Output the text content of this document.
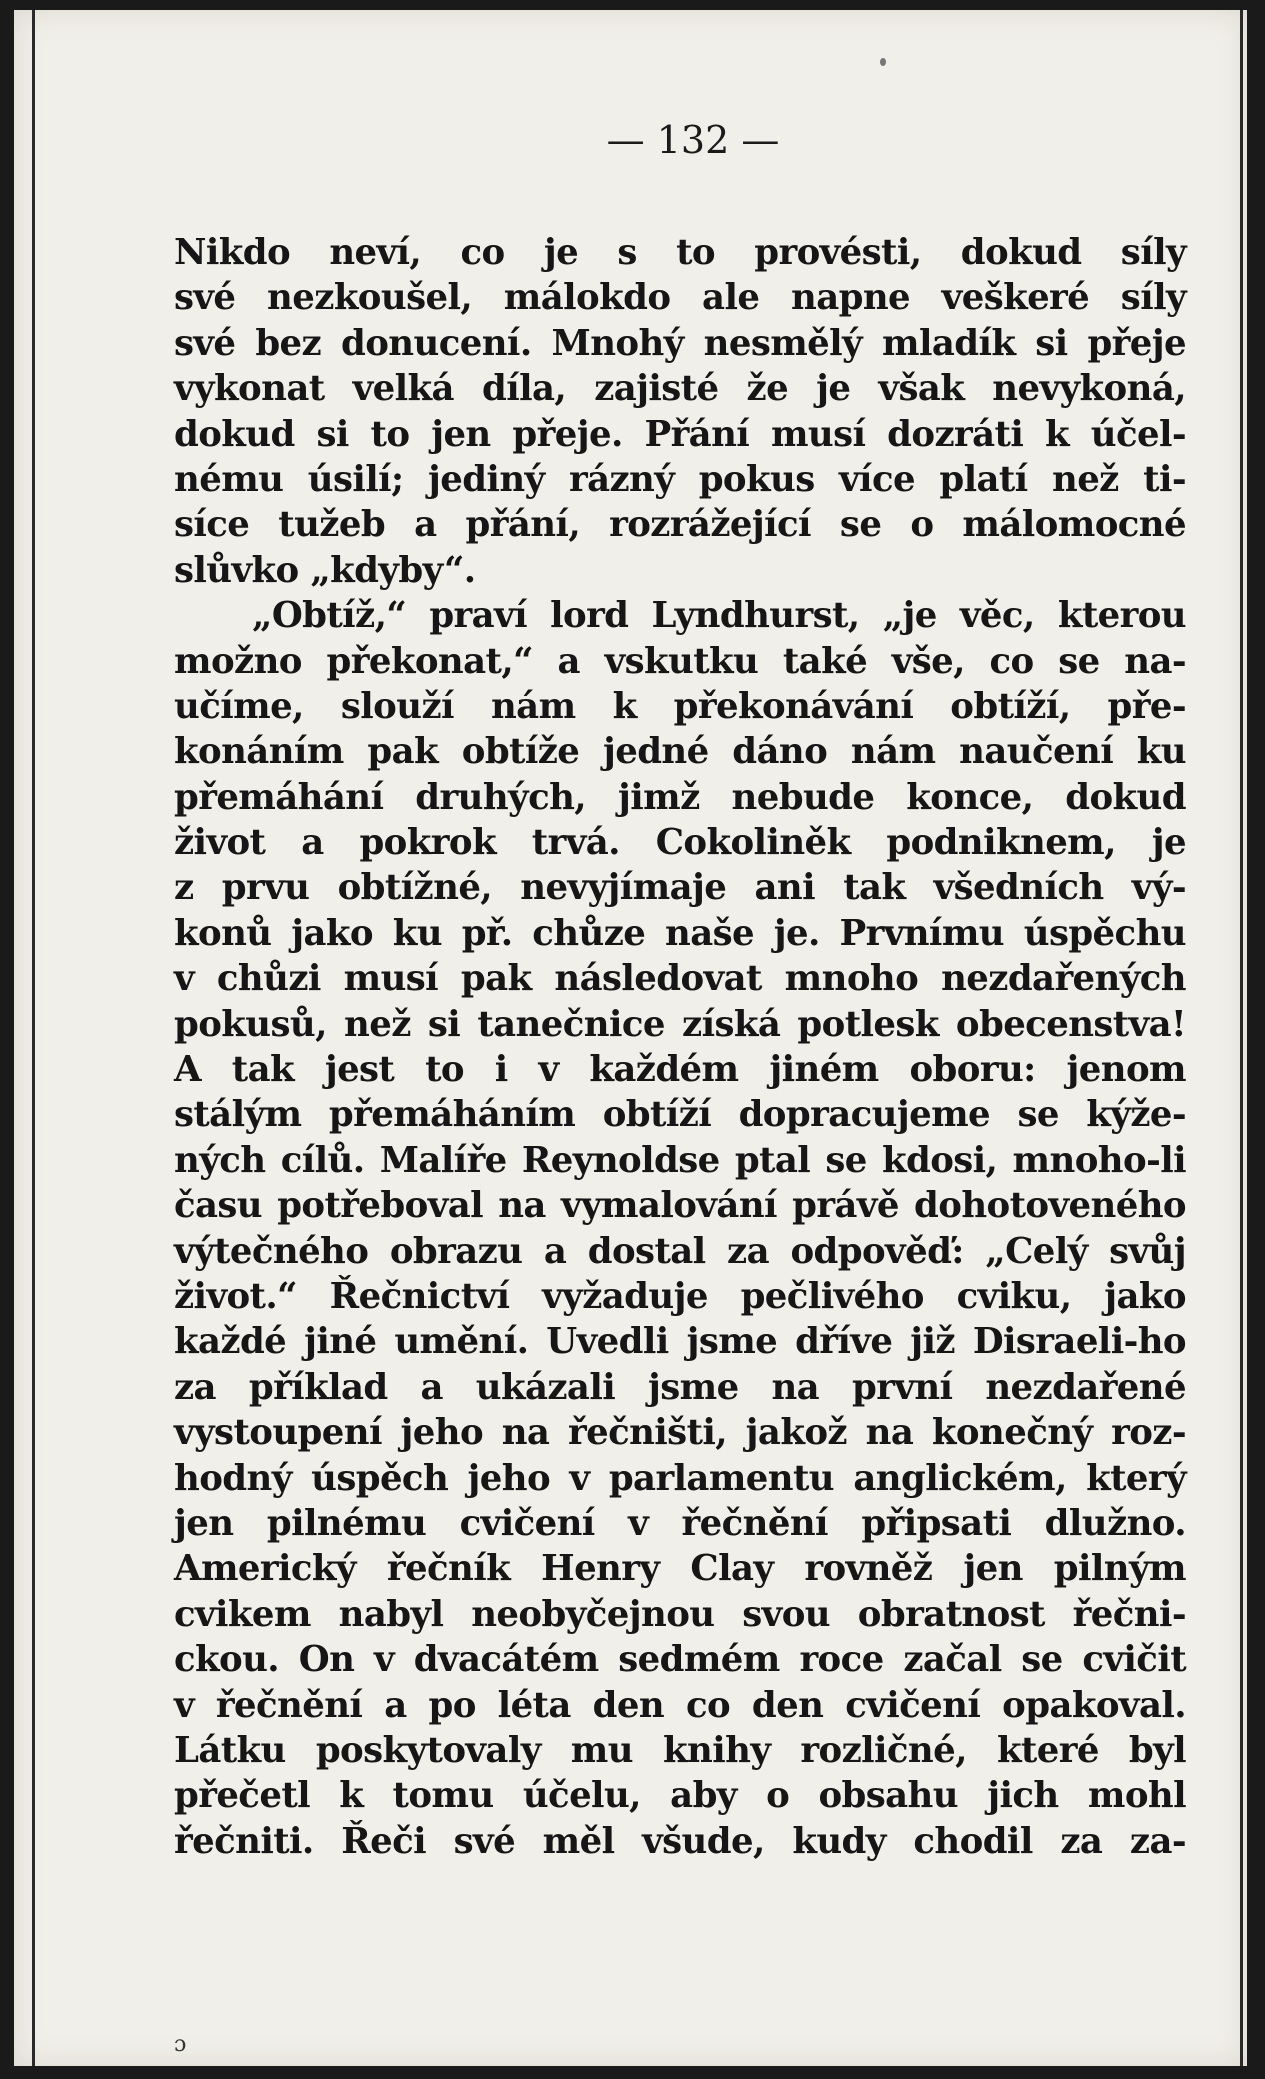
— 132 —
Nikdo neví, co je s to provésti, dokud síly
své nezkoušel, málokdo ale napne veškeré síly
své bez donucení. Mnohý nesmělý mladík si přeje
vykonat velká díla, zajisté že je však nevykoná,
dokud si to jen přeje. Přání musí dozráti k účel-
nému úsilí; jediný rázný pokus více platí než ti-
síce tužeb a přání, rozrážející se o málomocné
slůvko „kdyby“.
„Obtíž,“ praví lord Lyndhurst, „je věc, kterou
možno překonat,“ a vskutku také vše, co se na-
učíme, slouží nám k překonávání obtíží, pře-
konáním pak obtíže jedné dáno nám naučení ku
přemáhání druhých, jimž nebude konce, dokud
život a pokrok trvá. Cokoliněk podniknem, je
z prvu obtížné, nevyjímaje ani tak všedních vý-
konů jako ku př. chůze naše je. Prvnímu úspěchu
v chůzi musí pak následovat mnoho nezdařených
pokusů, než si tanečnice získá potlesk obecenstva!
A tak jest to i v každém jiném oboru: jenom
stálým přemáháním obtíží dopracujeme se kýže-
ných cílů. Malíře Reynoldse ptal se kdosi, mnoho-li
času potřeboval na vymalování právě dohotoveného
výtečného obrazu a dostal za odpověď: „Celý svůj
život.“ Řečnictví vyžaduje pečlivého cviku, jako
každé jiné umění. Uvedli jsme dříve již Disraeli-ho
za příklad a ukázali jsme na první nezdařené
vystoupení jeho na řečništi, jakož na konečný roz-
hodný úspěch jeho v parlamentu anglickém, který
jen pilnému cvičení v řečnění připsati dlužno.
Americký řečník Henry Clay rovněž jen pilným
cvikem nabyl neobyčejnou svou obratnost řečni-
ckou. On v dvacátém sedmém roce začal se cvičit
v řečnění a po léta den co den cvičení opakoval.
Látku poskytovaly mu knihy rozličné, které byl
přečetl k tomu účelu, aby o obsahu jich mohl
řečniti. Řeči své měl všude, kudy chodil za za-
ɔ
